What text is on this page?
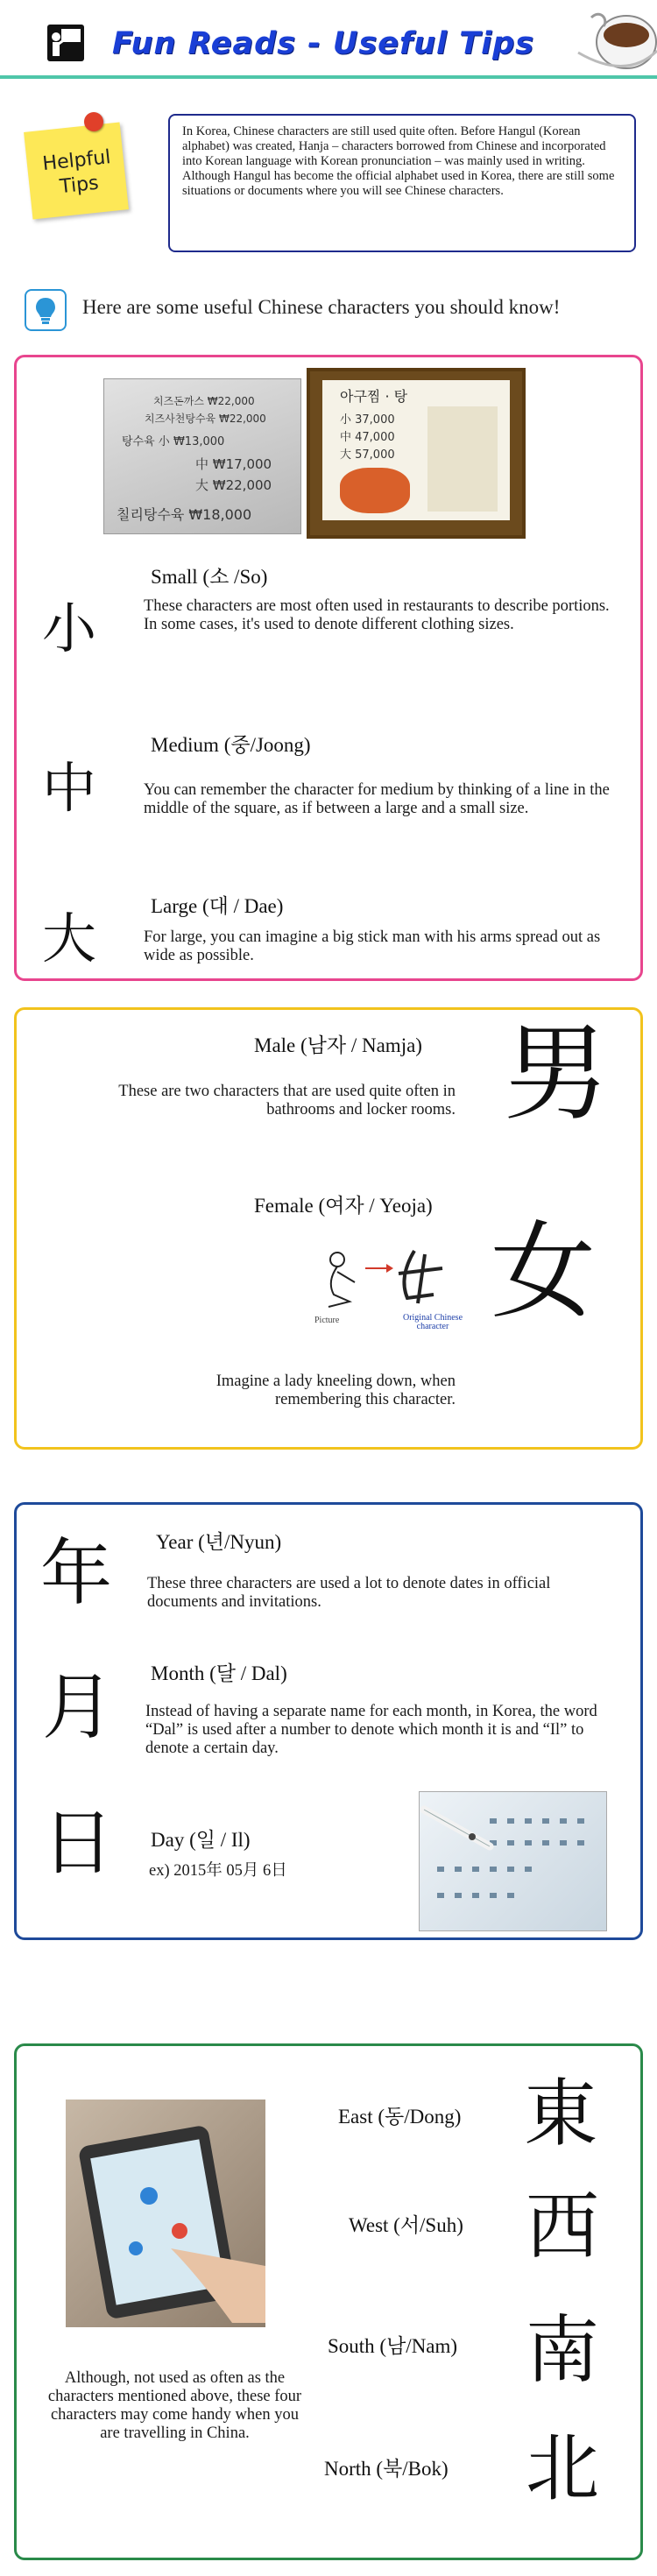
Fun Reads - Useful Tips
Helpful
Tips
In Korea, Chinese characters are still used quite often. Before Hangul (Korean alphabet) was created, Hanja – characters borrowed from Chinese and incorporated into Korean language with Korean pronunciation – was mainly used in writing. Although Hangul has become the official alphabet used in Korea, there are still some situations or documents where you will see Chinese characters.
Here are some useful Chinese characters you should know!
치즈돈까스 ₩22,000
치즈사천탕수육 ₩22,000
탕수육 小 ₩13,000
中 ₩17,000
大 ₩22,000
칠리탕수육 ₩18,000
아구찜 · 탕
小 37,000
中 47,000
大 57,000
小
Small (소 /So)
These characters are most often used in restaurants to describe portions. In some cases, it's used to denote different clothing sizes.
中
Medium (중/Joong)
You can remember the character for medium by thinking of a line in the middle of the square, as if between a large and a small size.
大
Large (대 / Dae)
For large, you can imagine a big stick man with his arms spread out as wide as possible.
Male (남자 / Namja)
These are two characters that are used quite often in bathrooms and locker rooms. 男
Female (여자 / Yeoja)
Picture	Original Chinese character 女
Imagine a lady kneeling down, when remembering this character.
年 Year (년/Nyun)
These three characters are used a lot to denote dates in official documents and invitations.
月 Month (달 / Dal)
Instead of having a separate name for each month, in Korea, the word “Dal” is used after a number to denote which month it is and “Il” to denote a certain day.
日 Day (일 / Il)
ex) 2015年 05月 6日
Although, not used as often as the characters mentioned above, these four characters may come handy when you are travelling in China.
East (동/Dong) 東
West (서/Suh) 西
South (남/Nam) 南
North (북/Bok) 北
